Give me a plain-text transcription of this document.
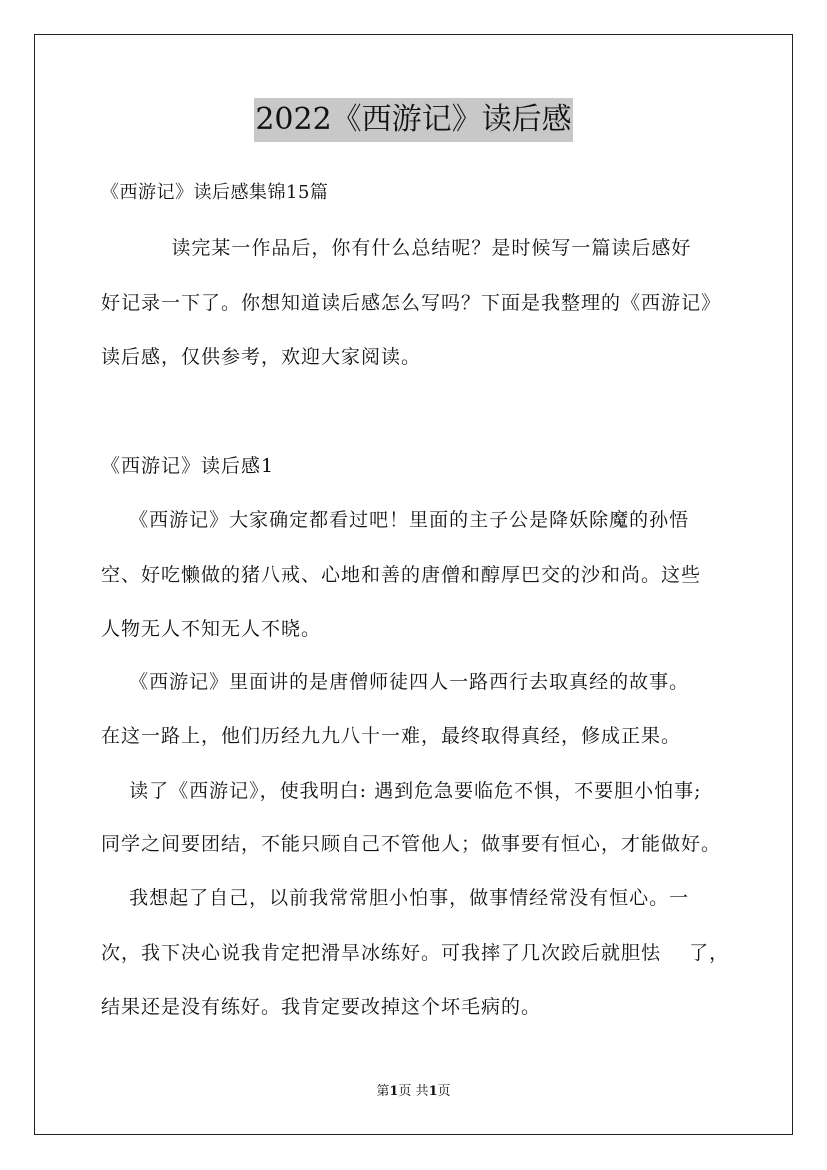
2022《西游记》读后感
《西游记》读后感集锦15篇
读完某一作品后，你有什么总结呢？是时候写一篇读后感好
好记录一下了。你想知道读后感怎么写吗？下面是我整理的《西游记》
读后感，仅供参考，欢迎大家阅读。
《西游记》读后感1
《西游记》大家确定都看过吧！里面的主子公是降妖除魔的孙悟
空、好吃懒做的猪八戒、心地和善的唐僧和醇厚巴交的沙和尚。这些
人物无人不知无人不晓。
《西游记》里面讲的是唐僧师徒四人一路西行去取真经的故事。
在这一路上，他们历经九九八十一难，最终取得真经，修成正果。
读了《西游记》，使我明白: 遇到危急要临危不惧，不要胆小怕事;
同学之间要团结，不能只顾自己不管他人；做事要有恒心，才能做好。
我想起了自己，以前我常常胆小怕事，做事情经常没有恒心。一
次，我下决心说我肯定把滑旱冰练好。可我摔了几次跤后就胆怯    了，
结果还是没有练好。我肯定要改掉这个坏毛病的。
第1页 共1页
